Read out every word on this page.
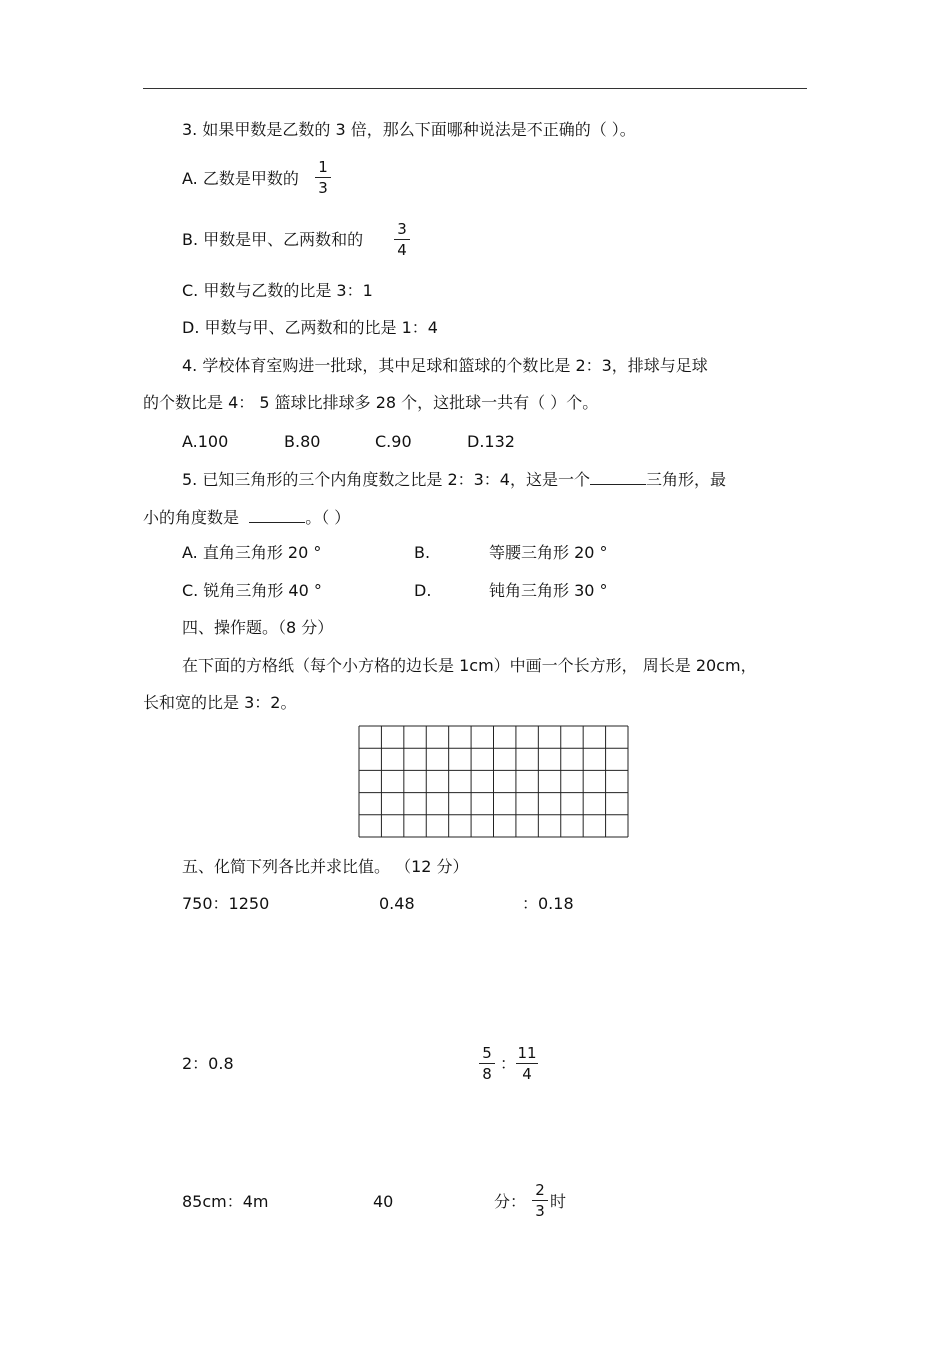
3. 如果甲数是乙数的 3 倍，那么下面哪种说法是不正确的（ ）。
A. 乙数是甲数的
1
3
B. 甲数是甲、乙两数和的
3
4
C. 甲数与乙数的比是 3：1
D. 甲数与甲、乙两数和的比是 1：4
4. 学校体育室购进一批球，其中足球和篮球的个数比是 2：3，排球与足球
的个数比是 4： 5 篮球比排球多 28 个，这批球一共有（ ）个。
A.100	B.80	C.90	D.132
5. 已知三角形的三个内角度数之比是 2：3：4，这是一个	三角形，最
小的角度数是	。（ ）
A. 直角三角形 20 °	B.	等腰三角形 20 °
C. 锐角三角形 40 °	D.	钝角三角形 30 °
四、操作题。（8 分）
在下面的方格纸（每个小方格的边长是 1cm）中画一个长方形， 周长是 20cm，
长和宽的比是 3：2。
五、化简下列各比并求比值。 （12 分）
750：1250	0.48	：0.18
2：0.8
5
8
：
11
4
85cm：4m	40	分：
2
3 时
